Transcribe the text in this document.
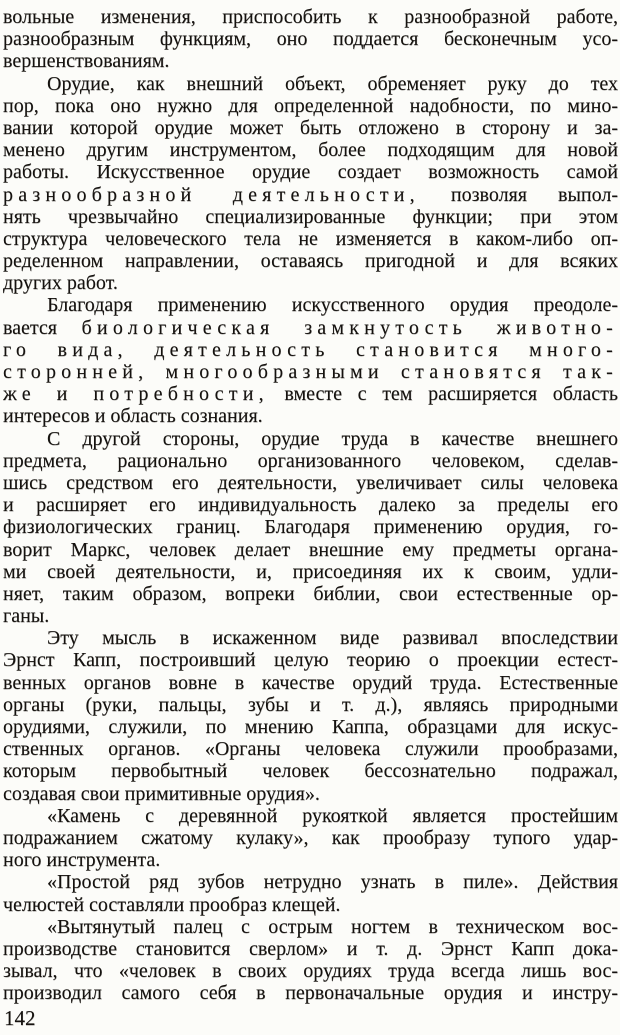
вольные изменения, приспособить к разнообразной работе,
разнообразным функциям, оно поддается бесконечным усо-
вершенствованиям.
Орудие, как внешний объект, обременяет руку до тех
пор, пока оно нужно для определенной надобности, по мино-
вании которой орудие может быть отложено в сторону и за-
менено другим инструментом, более подходящим для новой
работы. Искусственное орудие создает возможность самой
разнообразной деятельности, позволяя выпол-
нять чрезвычайно специализированные функции; при этом
структура человеческого тела не изменяется в каком-либо оп-
ределенном направлении, оставаясь пригодной и для всяких
других работ.
Благодаря применению искусственного орудия преодоле-
вается биологическая замкнутость животно-
го вида, деятельность становится много-
сторонней, многообразными становятся так-
же и потребности, вместе с тем расширяется область
интересов и область сознания.
С другой стороны, орудие труда в качестве внешнего
предмета, рационально организованного человеком, сделав-
шись средством его деятельности, увеличивает силы человека
и расширяет его индивидуальность далеко за пределы его
физиологических границ. Благодаря применению орудия, го-
ворит Маркс, человек делает внешние ему предметы органа-
ми своей деятельности, и, присоединяя их к своим, удли-
няет, таким образом, вопреки библии, свои естественные ор-
ганы.
Эту мысль в искаженном виде развивал впоследствии
Эрнст Капп, построивший целую теорию о проекции естест-
венных органов вовне в качестве орудий труда. Естественные
органы (руки, пальцы, зубы и т. д.), являясь природными
орудиями, служили, по мнению Каппа, образцами для искус-
ственных органов. «Органы человека служили прообразами,
которым первобытный человек бессознательно подражал,
создавая свои примитивные орудия».
«Камень с деревянной рукояткой является простейшим
подражанием сжатому кулаку», как прообразу тупого удар-
ного инструмента.
«Простой ряд зубов нетрудно узнать в пиле». Действия
челюстей составляли прообраз клещей.
«Вытянутый палец с острым ногтем в техническом вос-
производстве становится сверлом» и т. д. Эрнст Капп дока-
зывал, что «человек в своих орудиях труда всегда лишь вос-
производил самого себя в первоначальные орудия и инстру-
142
